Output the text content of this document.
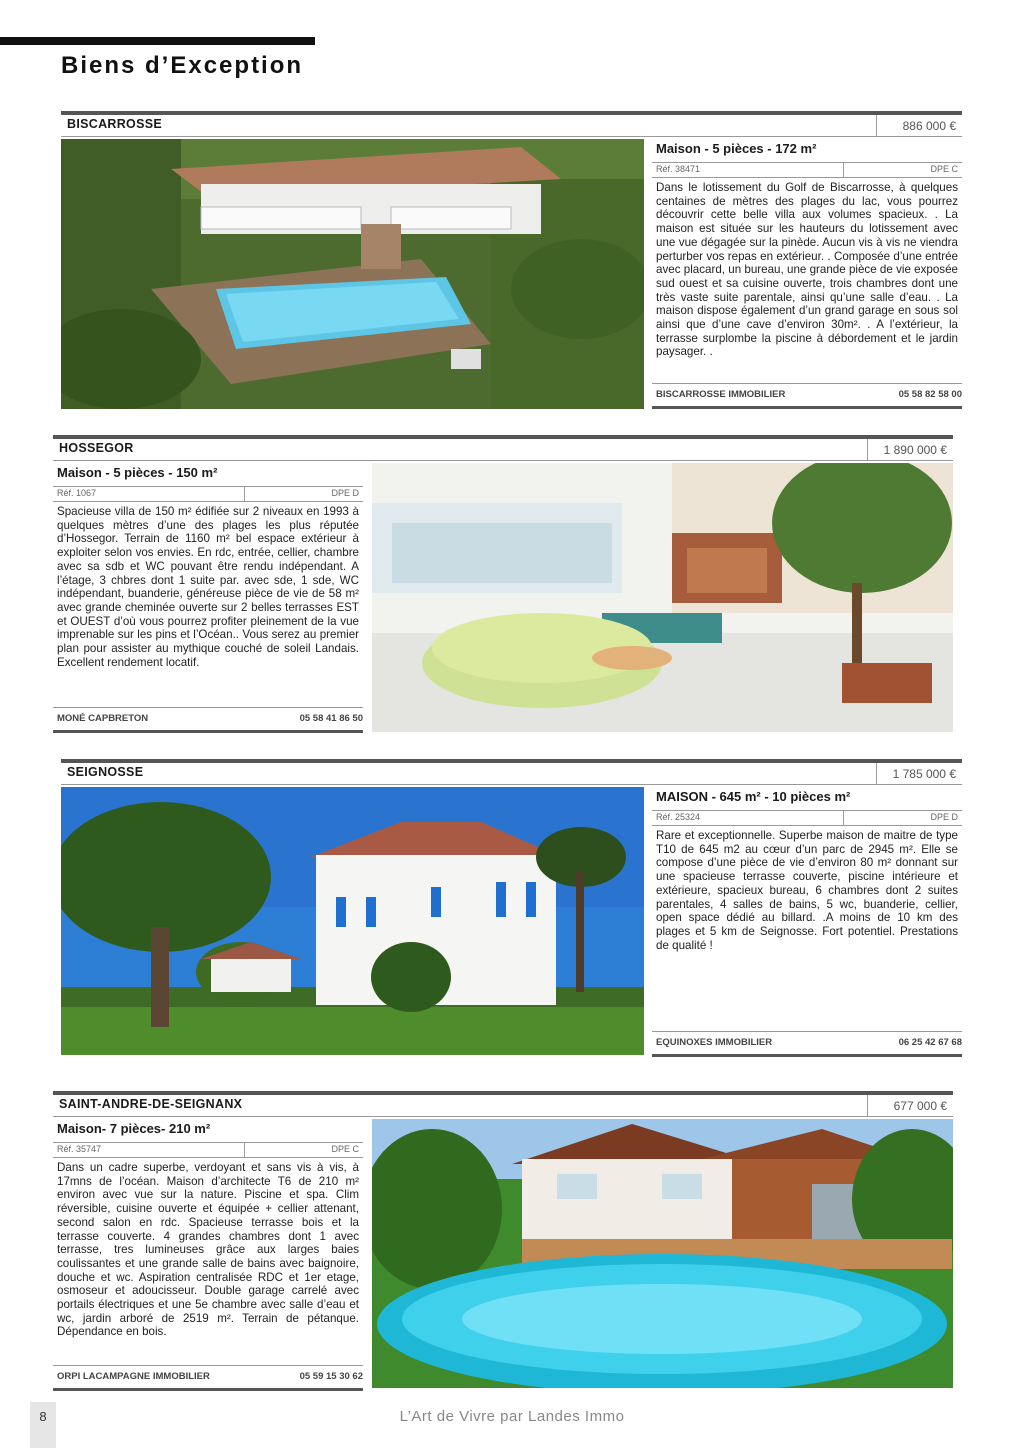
Biens d’Exception
BISCARROSSE	886 000 €
Maison - 5 pièces - 172 m²
Réf. 38471	DPE C

Dans le lotissement du Golf de Biscarrosse, à quelques centaines de mètres des plages du lac, vous pourrez découvrir cette belle villa aux volumes spacieux. . La maison est située sur les hauteurs du lotissement avec une vue dégagée sur la pinède. Aucun vis à vis ne viendra perturber vos repas en extérieur. . Composée d’une entrée avec placard, un bureau, une grande pièce de vie exposée sud ouest et sa cuisine ouverte, trois chambres dont une très vaste suite parentale, ainsi qu’une salle d’eau. . La maison dispose également d’un grand garage en sous sol ainsi que d’une cave d’environ 30m². . A l’extérieur, la terrasse surplombe la piscine à débordement et le jardin paysager. .

BISCARROSSE IMMOBILIER	05 58 82 58 00
HOSSEGOR	1 890 000 €
Maison - 5 pièces - 150 m²
Réf. 1067	DPE D

Spacieuse villa de 150 m² édifiée sur 2 niveaux en 1993 à quelques mètres d’une des plages les plus réputée d’Hossegor. Terrain de 1160 m² bel espace extérieur à exploiter selon vos envies. En rdc, entrée, cellier, chambre avec sa sdb et WC pouvant être rendu indépendant. A l’étage, 3 chbres dont 1 suite par. avec sde, 1 sde, WC indépendant, buanderie, généreuse pièce de vie de 58 m² avec grande cheminée ouverte sur 2 belles terrasses EST et OUEST d’où vous pourrez profiter pleinement de la vue imprenable sur les pins et l’Océan.. Vous serez au premier plan pour assister au mythique couché de soleil Landais. Excellent rendement locatif.

MONÉ CAPBRETON	05 58 41 86 50
SEIGNOSSE	1 785 000 €
MAISON - 645 m² - 10 pièces m²
Réf. 25324	DPE D

Rare et exceptionnelle. Superbe maison de maitre de type T10 de 645 m2 au cœur d’un parc de 2945 m². Elle se compose d’une pièce de vie d’environ 80 m² donnant sur une spacieuse terrasse couverte, piscine intérieure et extérieure, spacieux bureau, 6 chambres dont 2 suites parentales, 4 salles de bains, 5 wc, buanderie, cellier, open space dédié au billard. .A moins de 10 km des plages et 5 km de Seignosse. Fort potentiel. Prestations de qualité !

EQUINOXES IMMOBILIER	06 25 42 67 68
SAINT-ANDRE-DE-SEIGNANX	677 000 €
Maison- 7 pièces- 210 m²
Réf. 35747	DPE C

Dans un cadre superbe, verdoyant et sans vis à vis, à 17mns de l’océan. Maison d’architecte T6 de 210 m² environ avec vue sur la nature. Piscine et spa. Clim réversible, cuisine ouverte et équipée + cellier attenant, second salon en rdc. Spacieuse terrasse bois et la terrasse couverte. 4 grandes chambres dont 1 avec terrasse, tres lumineuses grâce aux larges baies coulissantes et une grande salle de bains avec baignoire, douche et wc. Aspiration centralisée RDC et 1er etage, osmoseur et adoucisseur. Double garage carrelé avec portails électriques et une 5e chambre avec salle d’eau et wc, jardin arboré de 2519 m². Terrain de pétanque. Dépendance en bois.

ORPI LACAMPAGNE IMMOBILIER	05 59 15 30 62
8	L’Art de Vivre par Landes Immo
